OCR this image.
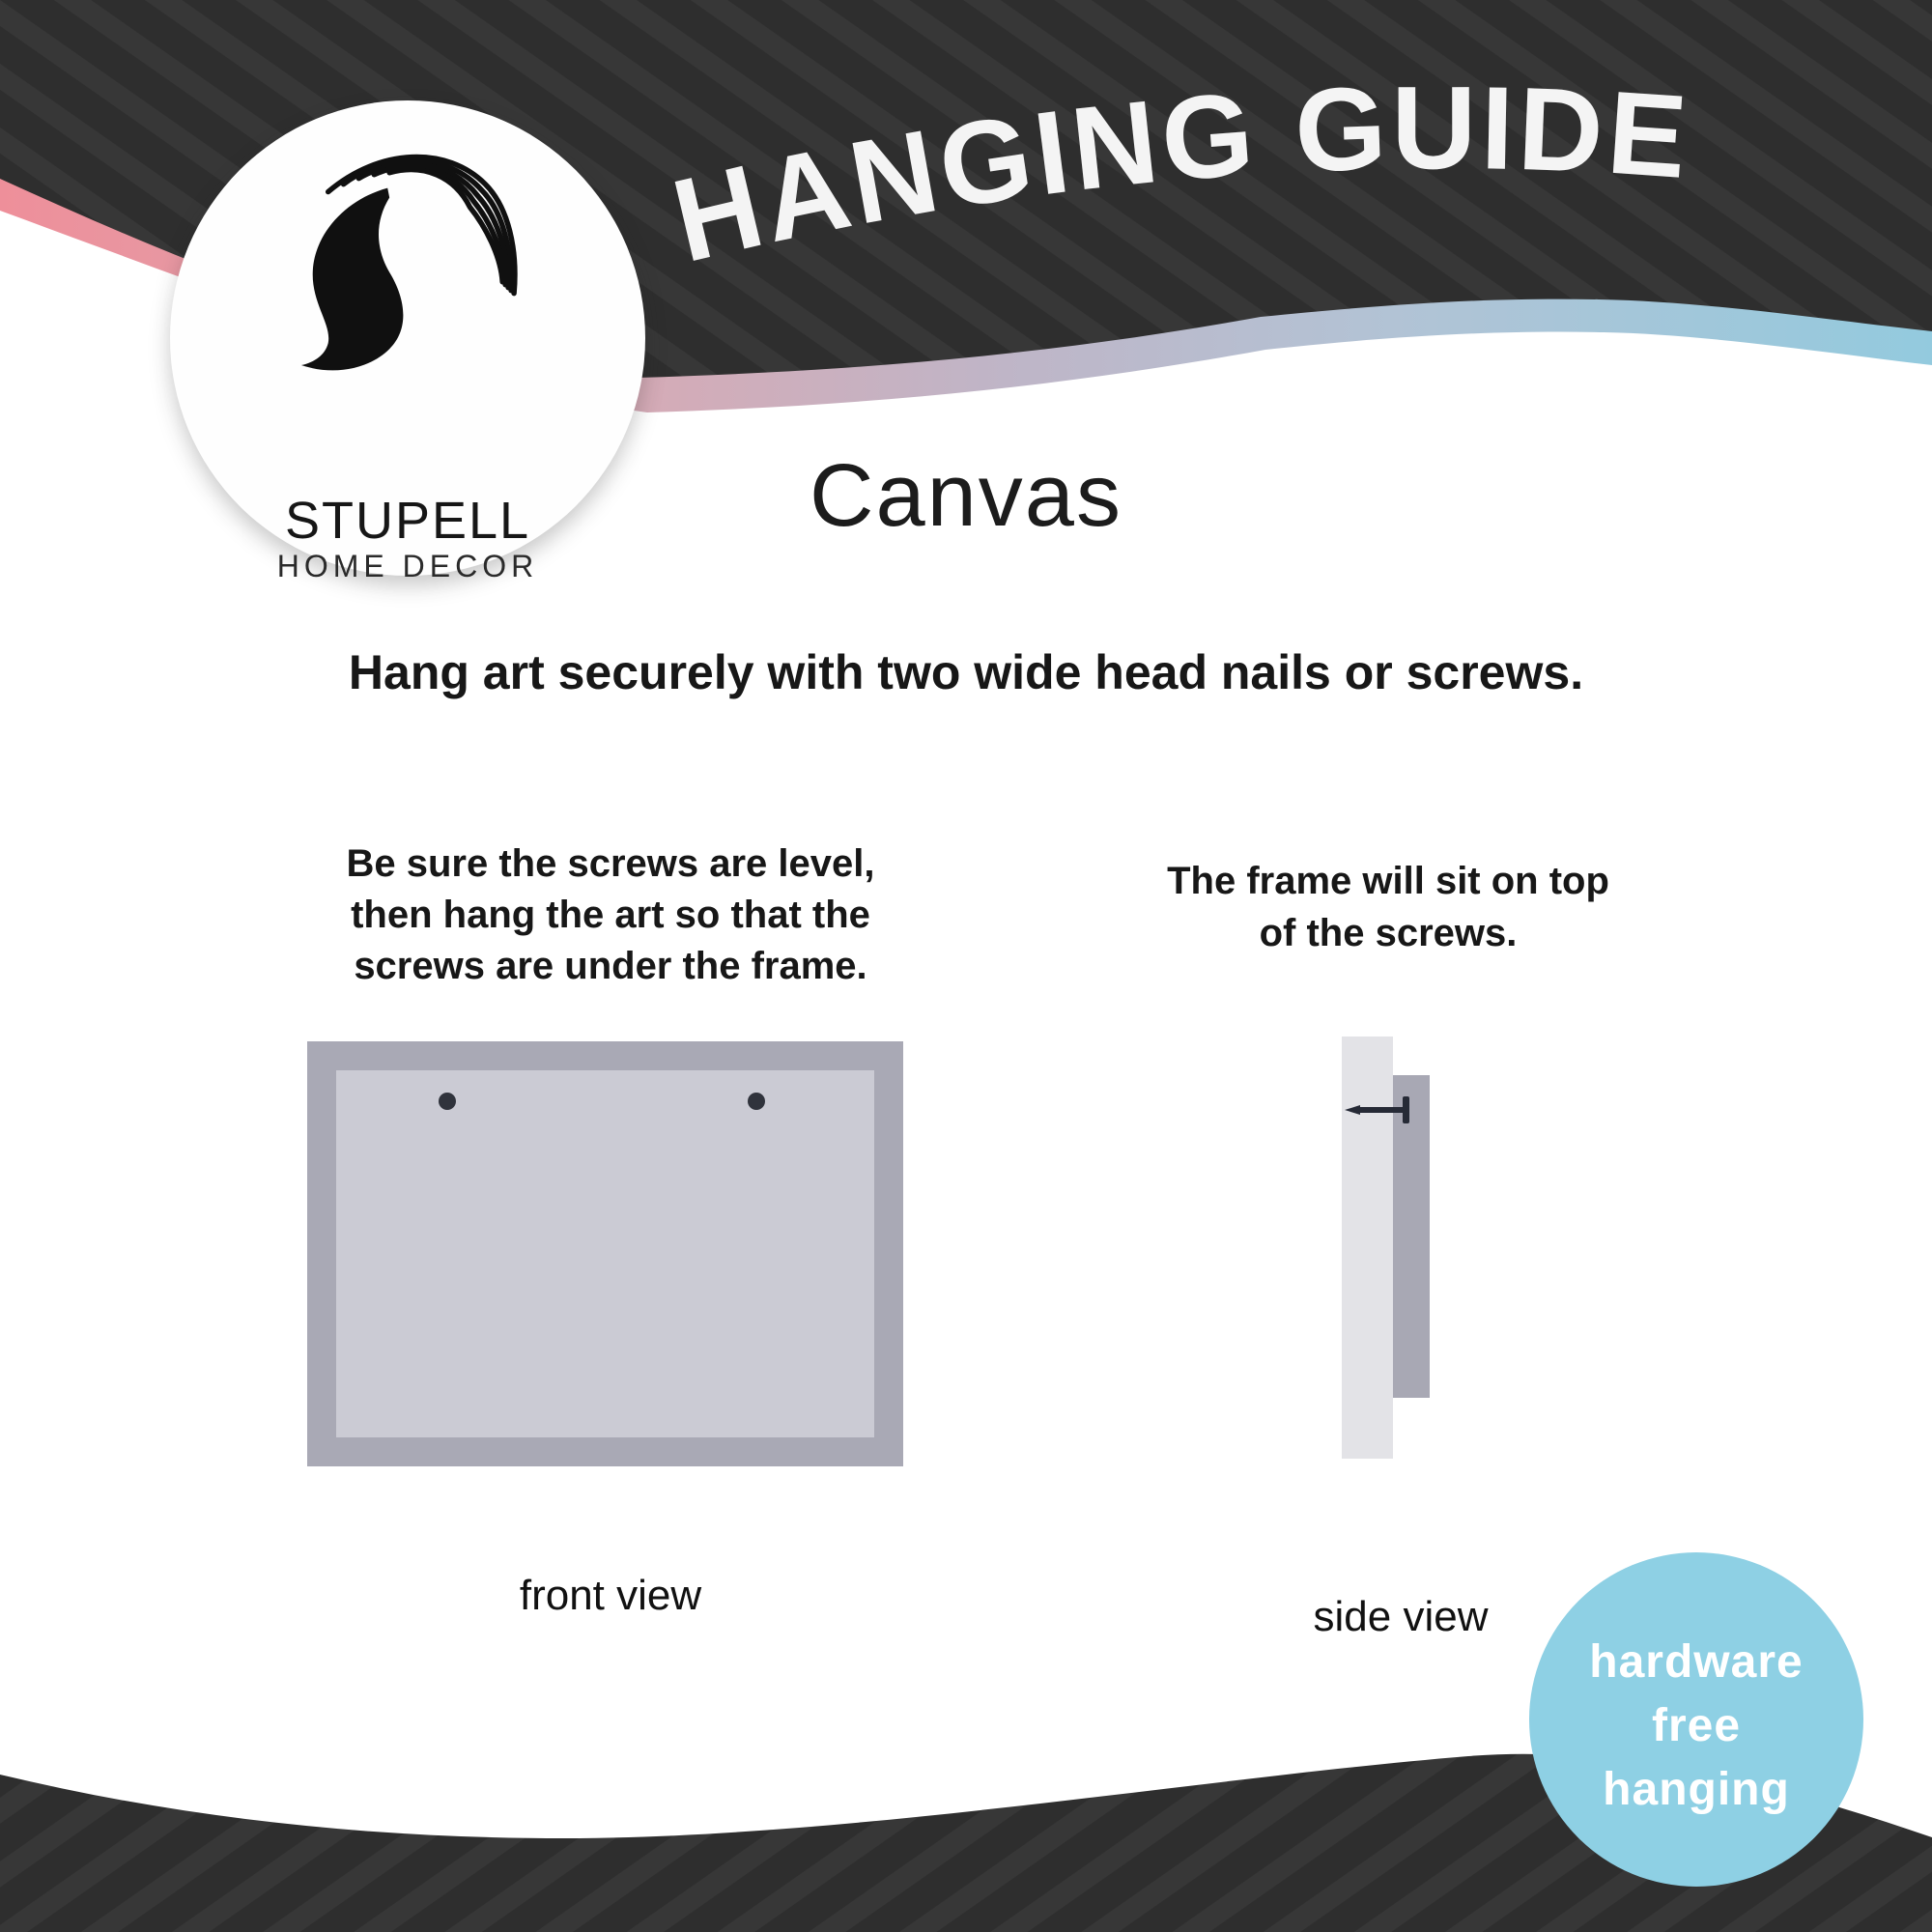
HANGING GUIDE
STUPELL
HOME DECOR
Canvas
Hang art securely with two wide head nails or screws.
Be sure the screws are level,
then hang the art so that the
screws are under the frame.
front view
The frame will sit on top
of the screws.
side view
hardware
free
hanging
